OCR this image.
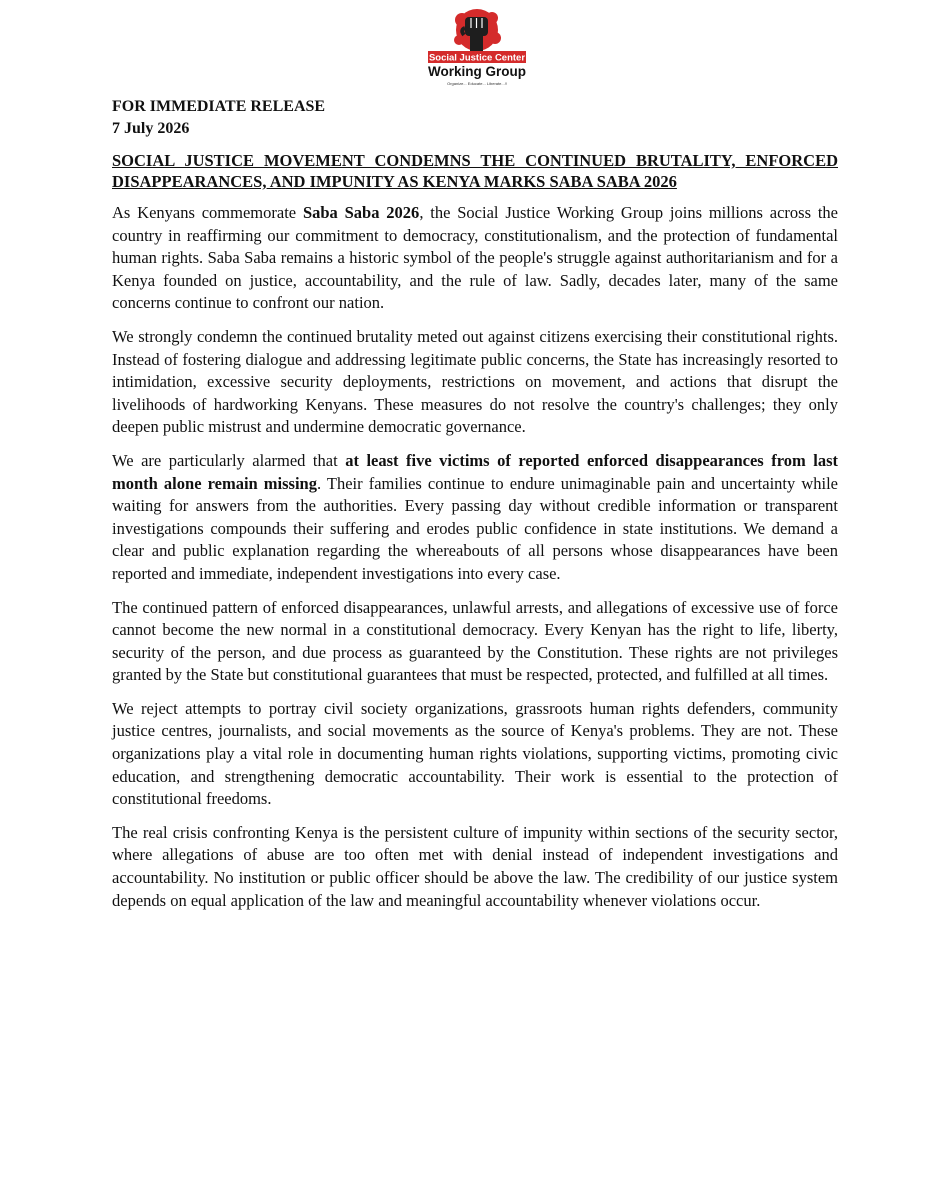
Social Justice Center
Working Group
Organize... Educate... Liberate...!!

FOR IMMEDIATE RELEASE

7 July 2026

SOCIAL JUSTICE MOVEMENT CONDEMNS THE CONTINUED BRUTALITY, ENFORCED DISAPPEARANCES, AND IMPUNITY AS KENYA MARKS SABA SABA 2026

As Kenyans commemorate Saba Saba 2026, the Social Justice Working Group joins millions across the country in reaffirming our commitment to democracy, constitutionalism, and the protection of fundamental human rights. Saba Saba remains a historic symbol of the people's struggle against authoritarianism and for a Kenya founded on justice, accountability, and the rule of law. Sadly, decades later, many of the same concerns continue to confront our nation.

We strongly condemn the continued brutality meted out against citizens exercising their constitutional rights. Instead of fostering dialogue and addressing legitimate public concerns, the State has increasingly resorted to intimidation, excessive security deployments, restrictions on movement, and actions that disrupt the livelihoods of hardworking Kenyans. These measures do not resolve the country's challenges; they only deepen public mistrust and undermine democratic governance.

We are particularly alarmed that at least five victims of reported enforced disappearances from last month alone remain missing. Their families continue to endure unimaginable pain and uncertainty while waiting for answers from the authorities. Every passing day without credible information or transparent investigations compounds their suffering and erodes public confidence in state institutions. We demand a clear and public explanation regarding the whereabouts of all persons whose disappearances have been reported and immediate, independent investigations into every case.

The continued pattern of enforced disappearances, unlawful arrests, and allegations of excessive use of force cannot become the new normal in a constitutional democracy. Every Kenyan has the right to life, liberty, security of the person, and due process as guaranteed by the Constitution. These rights are not privileges granted by the State but constitutional guarantees that must be respected, protected, and fulfilled at all times.

We reject attempts to portray civil society organizations, grassroots human rights defenders, community justice centres, journalists, and social movements as the source of Kenya's problems. They are not. These organizations play a vital role in documenting human rights violations, supporting victims, promoting civic education, and strengthening democratic accountability. Their work is essential to the protection of constitutional freedoms.

The real crisis confronting Kenya is the persistent culture of impunity within sections of the security sector, where allegations of abuse are too often met with denial instead of independent investigations and accountability. No institution or public officer should be above the law. The credibility of our justice system depends on equal application of the law and meaningful accountability whenever violations occur.
